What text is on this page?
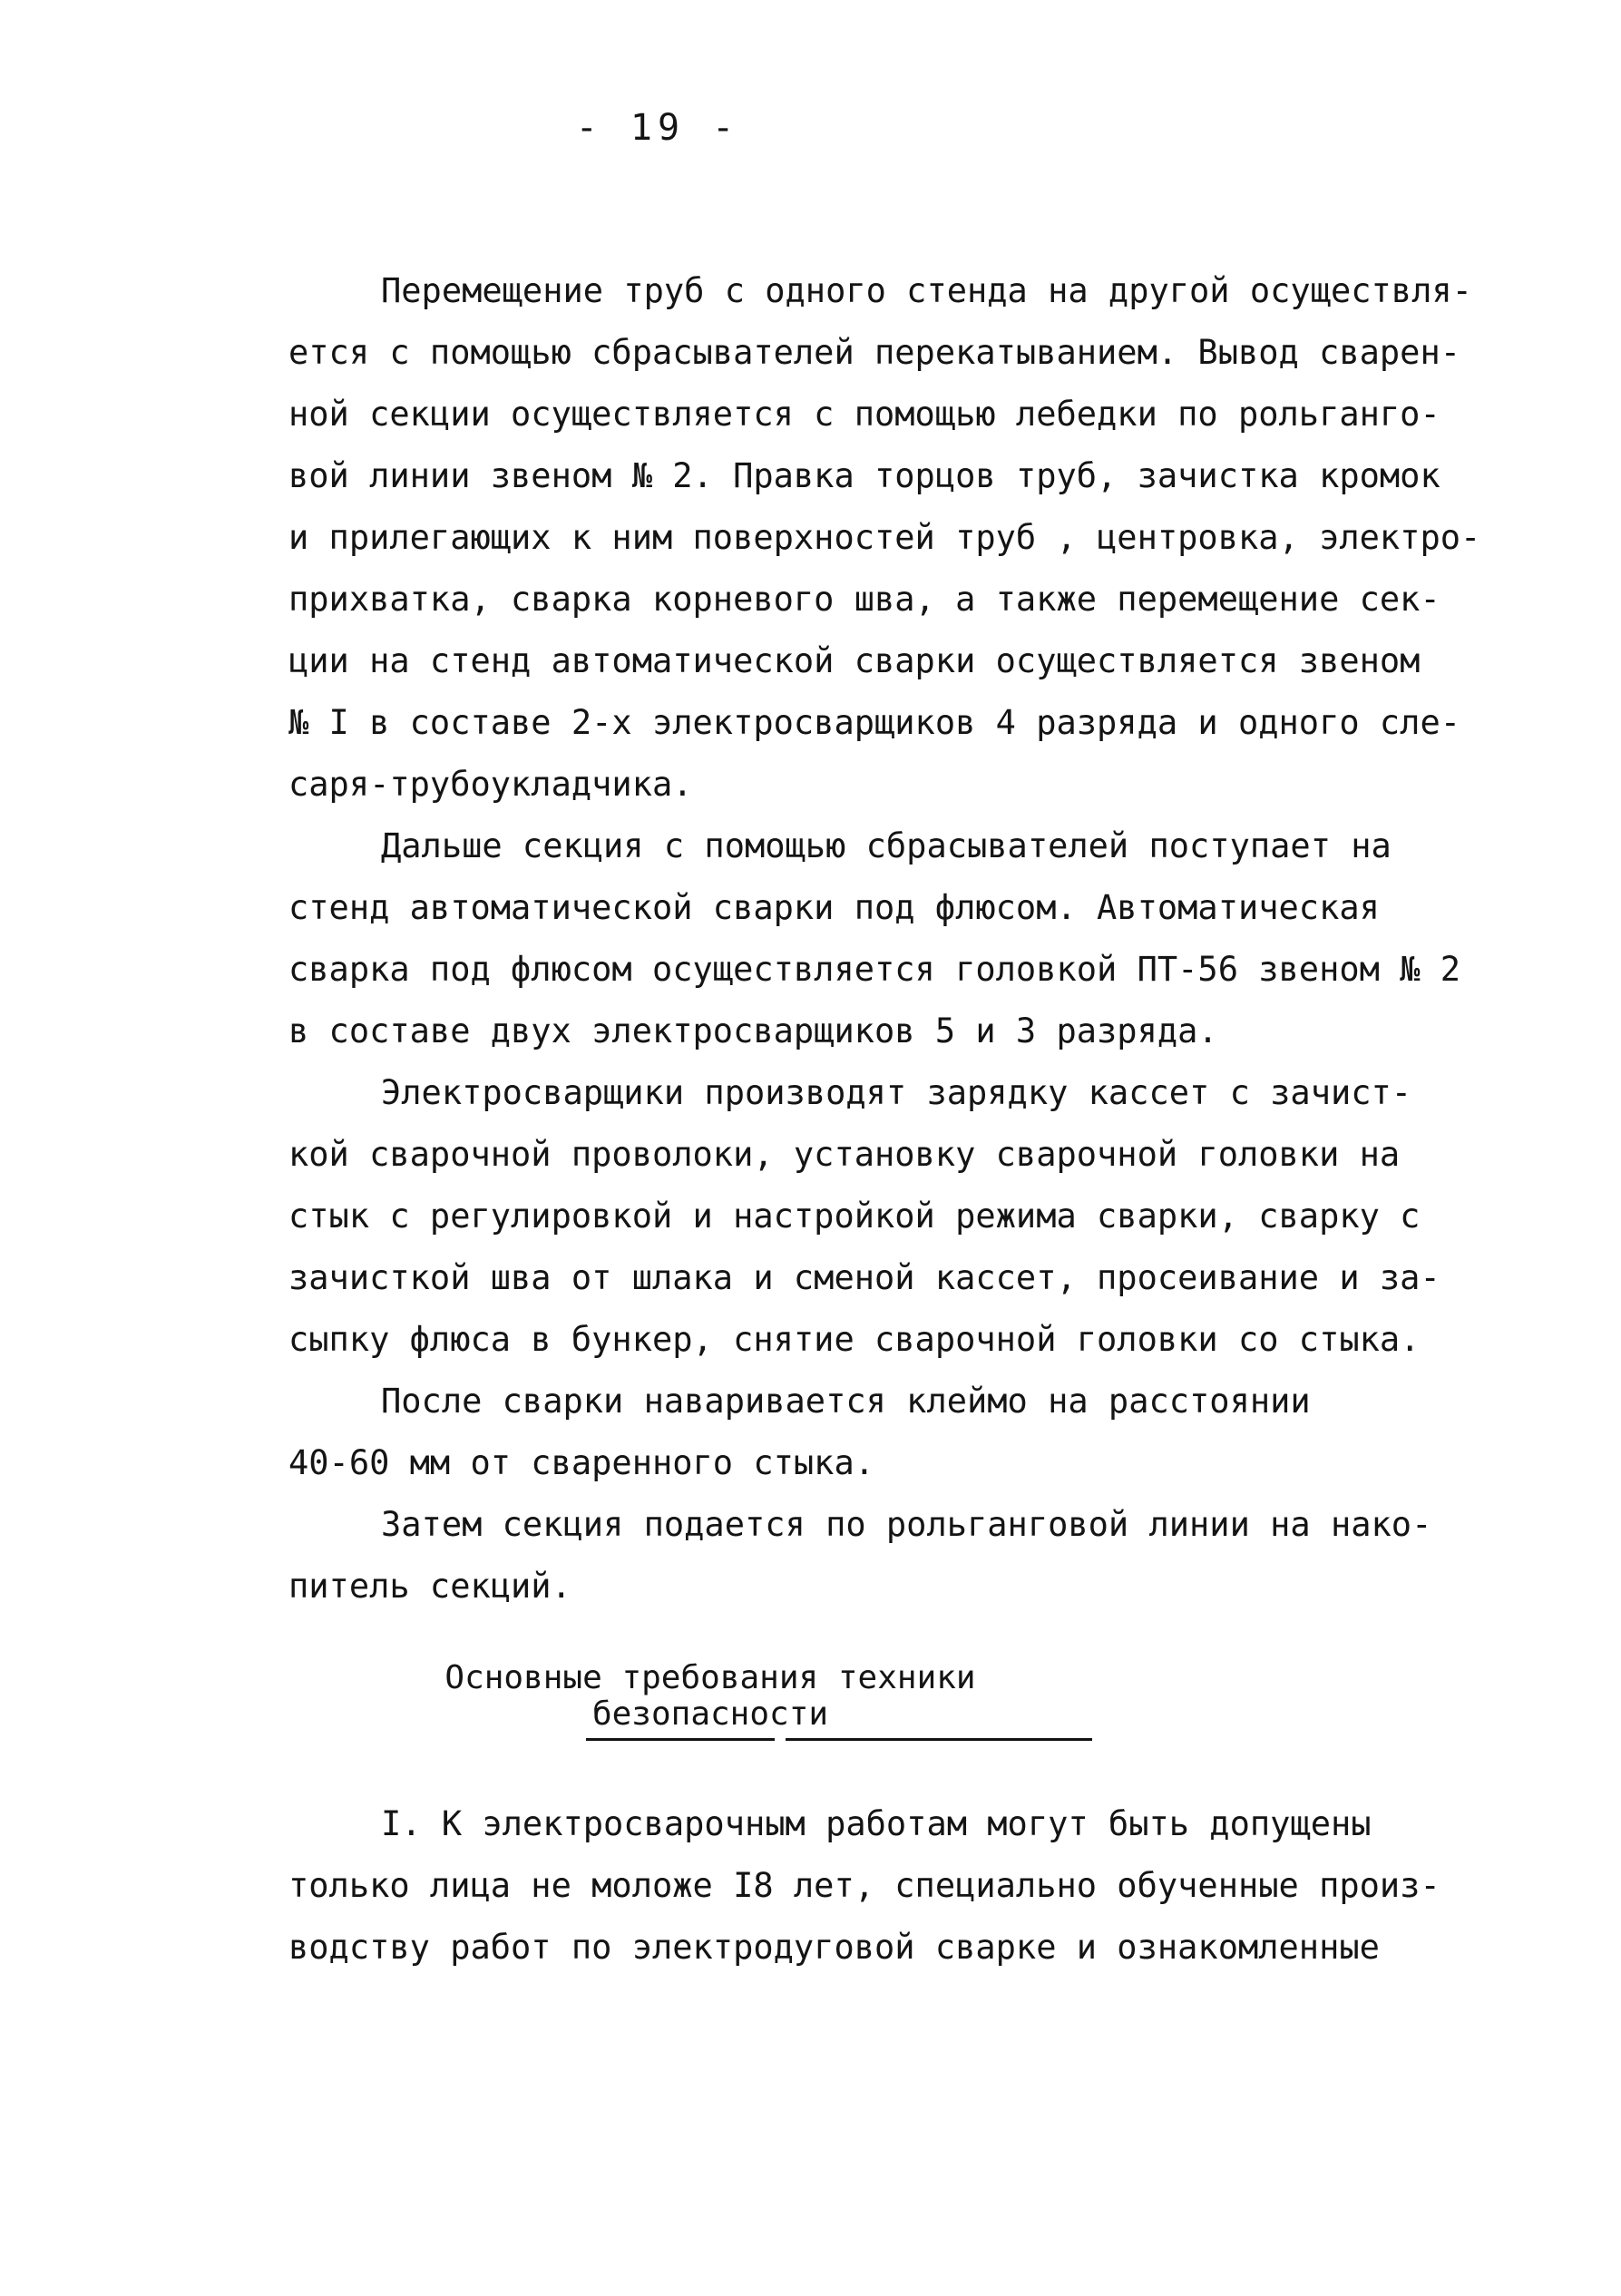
- 19 -
Перемещение труб с одного стенда на другой осуществля-
ется с помощью сбрасывателей перекатыванием. Вывод сварен-
ной секции осуществляется с помощью лебедки по рольганго-
вой линии звеном № 2. Правка торцов труб, зачистка кромок
и прилегающих к ним поверхностей труб , центровка, электро-
прихватка, сварка корневого шва, а также перемещение сек-
ции на стенд автоматической сварки осуществляется звеном
№ I в составе 2-х электросварщиков 4 разряда и одного сле-
саря-трубоукладчика.
Дальше секция с помощью сбрасывателей поступает на
стенд автоматической сварки под флюсом. Автоматическая
сварка под флюсом осуществляется головкой ПТ-56 звеном № 2
в составе двух электросварщиков 5 и 3 разряда.
Электросварщики производят зарядку кассет с зачист-
кой сварочной проволоки, установку сварочной головки на
стык с регулировкой и настройкой режима сварки, сварку с
зачисткой шва от шлака и сменой кассет, просеивание и за-
сыпку флюса в бункер, снятие сварочной головки со стыка.
После сварки наваривается клеймо на расстоянии
40-60 мм от сваренного стыка.
Затем секция подается по рольганговой линии на нако-
питель секций.
Основные требования техники
безопасности
I. К электросварочным работам могут быть допущены
только лица не моложе I8 лет, специально обученные произ-
водству работ по электродуговой сварке и ознакомленные
